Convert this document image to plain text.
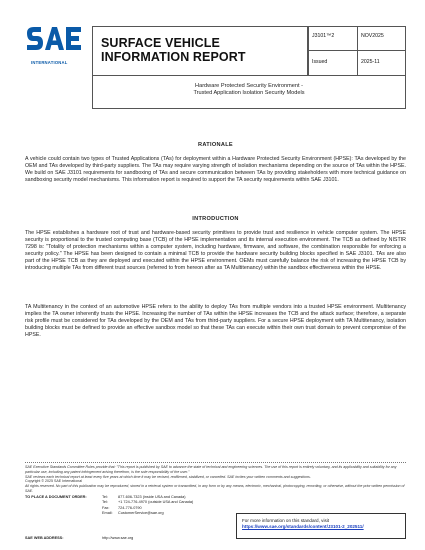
INTERNATIONAL
SURFACE VEHICLE
INFORMATION REPORT
J3101™2	NOV2025
Issued	2025-11
Hardware Protected Security Environment -
Trusted Application Isolation Security Models
RATIONALE
A vehicle could contain two types of Trusted Applications (TAs) for deployment within a Hardware Protected Security Environment (HPSE): TAs developed by the OEM and TAs developed by third-party suppliers. The TAs may require varying strength of isolation mechanisms depending on the source of TAs within the HPSE. We build on SAE J3101 requirements for sandboxing of TAs and secure communication between TAs by providing stakeholders with more technical guidance on sandboxing security model mechanisms. This information report is required to support the TA security requirements within SAE J3101.
INTRODUCTION
The HPSE establishes a hardware root of trust and hardware-based security primitives to provide trust and resilience in vehicle computer system. The HPSE security is proportional to the trusted computing base (TCB) of the HPSE implementation and its internal execution environment. The TCB as defined by NISTIR 7298 is: "Totality of protection mechanisms within a computer system, including hardware, firmware, and software, the combination responsible for enforcing a security policy." The HPSE has been designed to contain a minimal TCB to provide the hardware security building blocks specified in SAE J3101. TAs are also part of the HPSE TCB as they are deployed and executed within the HPSE environment. OEMs must carefully balance the risk of increasing the HPSE TCB by introducing multiple TAs from different trust sources (referred to from hereon after as TA Multitenancy) within the sandbox effectiveness within the HPSE.
TA Multitenancy in the context of an automotive HPSE refers to the ability to deploy TAs from multiple vendors into a trusted HPSE environment. Multitenancy implies the TA owner inherently trusts the HPSE. Increasing the number of TAs within the HPSE increases the TCB and the attack surface; therefore, a separate risk profile must be considered for TAs developed by the OEM and TAs from third-party suppliers. For a secure HPSE deployment with TA Multitenancy, isolation building blocks must be defined to provide an effective sandbox model so that these TAs can execute within their own trust domain to prevent compromise of the HPSE.
SAE Executive Standards Committee Rules provide that: "This report is published by SAE to advance the state of technical and engineering sciences. The use of this report is entirely voluntary, and its applicability and suitability for any particular use, including any patent infringement arising therefrom, is the sole responsibility of the user."
SAE reviews each technical report at least every five years at which time it may be revised, reaffirmed, stabilized, or cancelled. SAE invites your written comments and suggestions.
Copyright © 2025 SAE International
All rights reserved. No part of this publication may be reproduced, stored in a retrieval system or transmitted, in any form or by any means, electronic, mechanical, photocopying, recording, or otherwise, without the prior written permission of SAE.
TO PLACE A DOCUMENT ORDER:	Tel:	877-606-7323 (inside USA and Canada)
Tel:	+1 724-776-4970 (outside USA and Canada)
Fax: 724-776-0790
Email: CustomerService@sae.org
SAE WEB ADDRESS:	http://www.sae.org
For more information on this standard, visit
https://www.sae.org/standards/content/J3101-2_202511/
